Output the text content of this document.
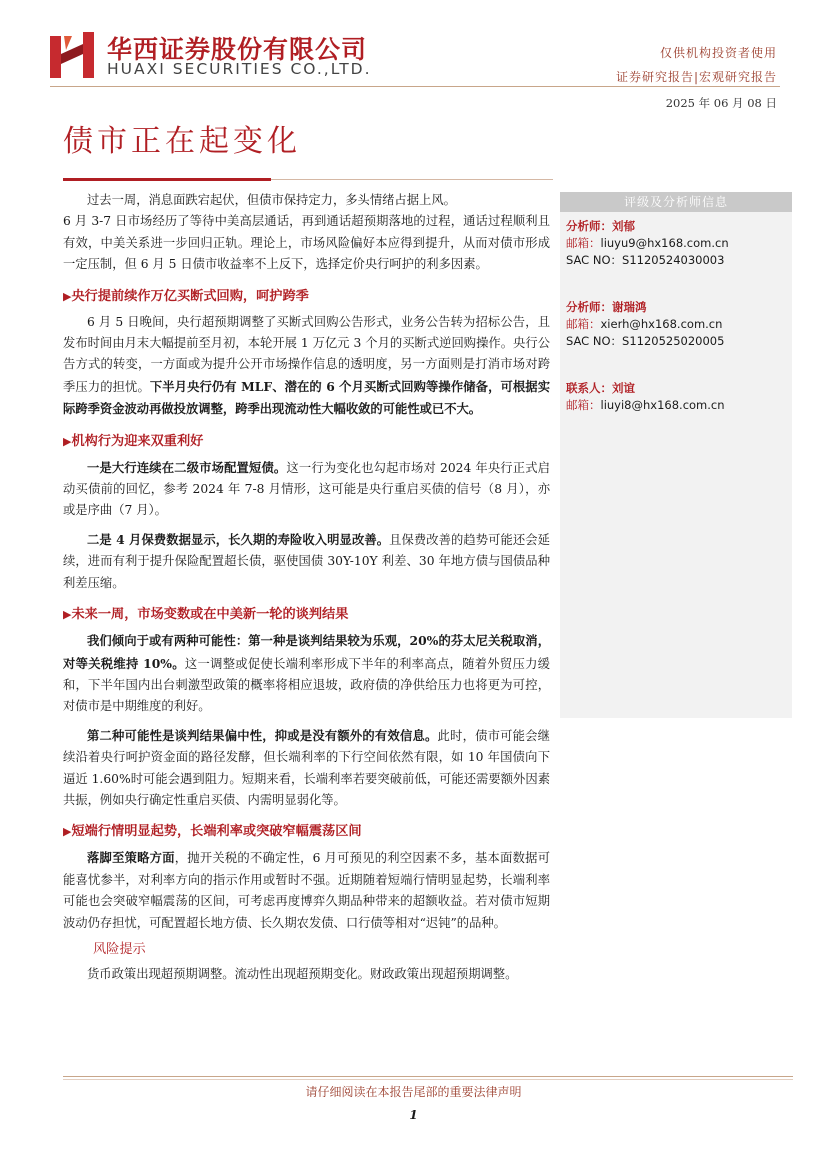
华西证券股份有限公司
HUAXI SECURITIES CO.,LTD.
仅供机构投资者使用
证券研究报告|宏观研究报告
2025 年 06 月 08 日
债市正在起变化

过去一周，消息面跌宕起伏，但债市保持定力，多头情绪占据上风。

6 月 3-7 日市场经历了等待中美高层通话，再到通话超预期落地的过程，通话过程顺利且有效，中美关系进一步回归正轨。理论上，市场风险偏好本应得到提升，从而对债市形成一定压制，但 6 月 5 日债市收益率不上反下，选择定价央行呵护的利多因素。

▶央行提前续作万亿买断式回购，呵护跨季

6 月 5 日晚间，央行超预期调整了买断式回购公告形式，业务公告转为招标公告，且发布时间由月末大幅提前至月初，本轮开展 1 万亿元 3 个月的买断式逆回购操作。央行公告方式的转变，一方面或为提升公开市场操作信息的透明度，另一方面则是打消市场对跨季压力的担忧。下半月央行仍有 MLF、潜在的 6 个月买断式回购等操作储备，可根据实际跨季资金波动再做投放调整，跨季出现流动性大幅收敛的可能性或已不大。

▶机构行为迎来双重利好

一是大行连续在二级市场配置短债。这一行为变化也勾起市场对 2024 年央行正式启动买债前的回忆，参考 2024 年 7-8 月情形，这可能是央行重启买债的信号（8 月），亦或是序曲（7 月）。

二是 4 月保费数据显示，长久期的寿险收入明显改善。且保费改善的趋势可能还会延续，进而有利于提升保险配置超长债，驱使国债 30Y-10Y 利差、30 年地方债与国债品种利差压缩。

▶未来一周，市场变数或在中美新一轮的谈判结果

我们倾向于或有两种可能性：第一种是谈判结果较为乐观，20%的芬太尼关税取消，对等关税维持 10%。这一调整或促使长端利率形成下半年的利率高点，随着外贸压力缓和，下半年国内出台刺激型政策的概率将相应退坡，政府债的净供给压力也将更为可控，对债市是中期维度的利好。

第二种可能性是谈判结果偏中性，抑或是没有额外的有效信息。此时，债市可能会继续沿着央行呵护资金面的路径发酵，但长端利率的下行空间依然有限，如 10 年国债向下逼近 1.60%时可能会遇到阻力。短期来看，长端利率若要突破前低，可能还需要额外因素共振，例如央行确定性重启买债、内需明显弱化等。

▶短端行情明显起势，长端利率或突破窄幅震荡区间

落脚至策略方面，抛开关税的不确定性，6 月可预见的利空因素不多，基本面数据可能喜忧参半，对利率方向的指示作用或暂时不强。近期随着短端行情明显起势，长端利率可能也会突破窄幅震荡的区间，可考虑再度博弈久期品种带来的超额收益。若对债市短期波动仍存担忧，可配置超长地方债、长久期农发债、口行债等相对“迟钝”的品种。

风险提示

货币政策出现超预期调整。流动性出现超预期变化。财政政策出现超预期调整。

评级及分析师信息
分析师：刘郁
邮箱：liuyu9@hx168.com.cn
SAC NO：S1120524030003
分析师：谢瑞鸿
邮箱：xierh@hx168.com.cn
SAC NO：S1120525020005
联系人：刘谊
邮箱：liuyi8@hx168.com.cn
请仔细阅读在本报告尾部的重要法律声明
1
